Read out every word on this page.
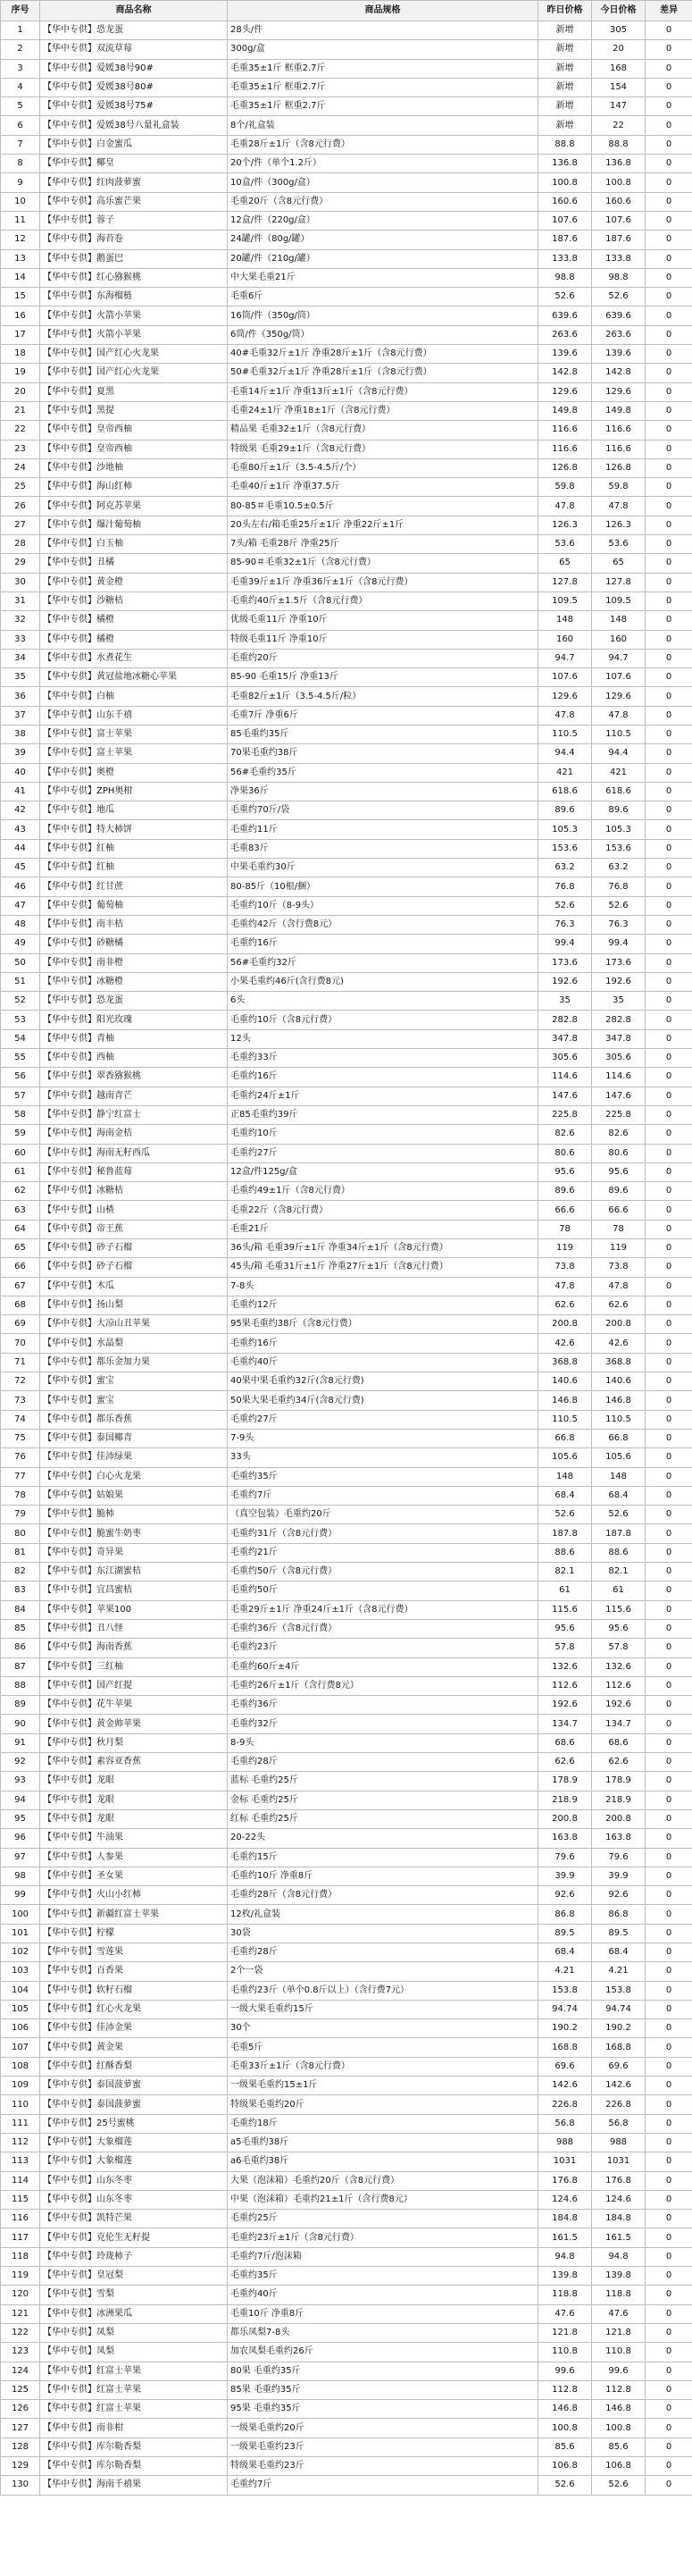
序号	商品名称	商品规格	昨日价格	今日价格	差异
1	【华中专供】恐龙蛋	28头/件	新增	305	0
2	【华中专供】双流草莓	300g/盒	新增	20	0
3	【华中专供】爱媛38号90#	毛重35±1斤 框重2.7斤	新增	168	0
4	【华中专供】爱媛38号80#	毛重35±1斤 框重2.7斤	新增	154	0
5	【华中专供】爱媛38号75#	毛重35±1斤 框重2.7斤	新增	147	0
6	【华中专供】爱媛38号八量礼盒装	8个/礼盒装	新增	22	0
7	【华中专供】白金蜜瓜	毛重28斤±1斤（含8元行费）	88.8	88.8	0
8	【华中专供】椰皇	20个/件（单个1.2斤）	136.8	136.8	0
9	【华中专供】红肉菠萝蜜	10盒/件（300g/盒）	100.8	100.8	0
10	【华中专供】高乐蜜芒果	毛重20斤（含8元行费）	160.6	160.6	0
11	【华中专供】蓉子	12盒/件（220g/盒）	107.6	107.6	0
12	【华中专供】海苔卷	24罐/件（80g/罐）	187.6	187.6	0
13	【华中专供】鹅蛋巴	20罐/件（210g/罐）	133.8	133.8	0
14	【华中专供】红心猕猴桃	中大果毛重21斤	98.8	98.8	0
15	【华中专供】东海榴梿	毛重6斤	52.6	52.6	0
16	【华中专供】火箭小苹果	16筒/件（350g/筒）	639.6	639.6	0
17	【华中专供】火箭小苹果	6筒/件（350g/筒）	263.6	263.6	0
18	【华中专供】国产红心火龙果	40#毛重32斤±1斤 净重28斤±1斤（含8元行费）	139.6	139.6	0
19	【华中专供】国产红心火龙果	50#毛重32斤±1斤 净重28斤±1斤（含8元行费）	142.8	142.8	0
20	【华中专供】夏黑	毛重14斤±1斤 净重13斤±1斤（含8元行费）	129.6	129.6	0
21	【华中专供】黑提	毛重24±1斤 净重18±1斤（含8元行费）	149.8	149.8	0
22	【华中专供】皇帝西柚	精品果 毛重32±1斤（含8元行费）	116.6	116.6	0
23	【华中专供】皇帝西柚	特级果 毛重29±1斤（含8元行费）	116.6	116.6	0
24	【华中专供】沙地柚	毛重80斤±1斤（3.5-4.5斤/个）	126.8	126.8	0
25	【华中专供】海山红柿	毛重40斤±1斤 净重37.5斤	59.8	59.8	0
26	【华中专供】阿克苏苹果	80-85＃毛重10.5±0.5斤	47.8	47.8	0
27	【华中专供】爆汁葡萄柚	20头左右/箱毛重25斤±1斤 净重22斤±1斤	126.3	126.3	0
28	【华中专供】白玉柚	7头/箱 毛重28斤 净重25斤	53.6	53.6	0
29	【华中专供】丑橘	85-90＃毛重32±1斤（含8元行费）	65	65	0
30	【华中专供】黄金橙	毛重39斤±1斤 净重36斤±1斤（含8元行费）	127.8	127.8	0
31	【华中专供】沙糖桔	毛重约40斤±1.5斤（含8元行费）	109.5	109.5	0
32	【华中专供】橘橙	优级毛重11斤 净重10斤	148	148	0
33	【华中专供】橘橙	特级毛重11斤 净重10斤	160	160	0
34	【华中专供】水煮花生	毛重约20斤	94.7	94.7	0
35	【华中专供】黄冠盐地冰糖心苹果	85-90 毛重15斤 净重13斤	107.6	107.6	0
36	【华中专供】白柚	毛重82斤±1斤（3.5-4.5斤/粒）	129.6	129.6	0
37	【华中专供】山东千禧	毛重7斤 净重6斤	47.8	47.8	0
38	【华中专供】富士苹果	85毛重约35斤	110.5	110.5	0
39	【华中专供】富士苹果	70果毛重约38斤	94.4	94.4	0
40	【华中专供】奥橙	56#毛重约35斤	421	421	0
41	【华中专供】ZPH奥柑	净果36斤	618.6	618.6	0
42	【华中专供】地瓜	毛重约70斤/袋	89.6	89.6	0
43	【华中专供】特大柿饼	毛重约11斤	105.3	105.3	0
44	【华中专供】红柚	毛重83斤	153.6	153.6	0
45	【华中专供】红柚	中果毛重约30斤	63.2	63.2	0
46	【华中专供】红甘蔗	80-85斤（10根/捆）	76.8	76.8	0
47	【华中专供】葡萄柚	毛重约10斤（8-9头）	52.6	52.6	0
48	【华中专供】南丰桔	毛重约42斤（含行费8元）	76.3	76.3	0
49	【华中专供】砂糖橘	毛重约16斤	99.4	99.4	0
50	【华中专供】南非橙	56#毛重约32斤	173.6	173.6	0
51	【华中专供】冰糖橙	小果毛重约46斤(含行费8元)	192.6	192.6	0
52	【华中专供】恐龙蛋	6头	35	35	0
53	【华中专供】阳光玫瑰	毛重约10斤（含8元行费）	282.8	282.8	0
54	【华中专供】青柚	12头	347.8	347.8	0
55	【华中专供】西柚	毛重约33斤	305.6	305.6	0
56	【华中专供】翠香猕猴桃	毛重约16斤	114.6	114.6	0
57	【华中专供】越南青芒	毛重约24斤±1斤	147.6	147.6	0
58	【华中专供】静宁红富士	正85毛重约39斤	225.8	225.8	0
59	【华中专供】海南金桔	毛重约10斤	82.6	82.6	0
60	【华中专供】海南无籽西瓜	毛重约27斤	80.6	80.6	0
61	【华中专供】秘鲁蓝莓	12盒/件125g/盒	95.6	95.6	0
62	【华中专供】冰糖桔	毛重约49±1斤（含8元行费）	89.6	89.6	0
63	【华中专供】山楂	毛重22斤（含8元行费）	66.6	66.6	0
64	【华中专供】帝王蕉	毛重21斤	78	78	0
65	【华中专供】砂子石榴	36头/箱 毛重39斤±1斤 净重34斤±1斤（含8元行费）	119	119	0
66	【华中专供】砂子石榴	45头/箱 毛重31斤±1斤 净重27斤±1斤（含8元行费）	73.8	73.8	0
67	【华中专供】木瓜	7-8头	47.8	47.8	0
68	【华中专供】扬山梨	毛重约12斤	62.6	62.6	0
69	【华中专供】大凉山丑苹果	95果毛重约38斤（含8元行费）	200.8	200.8	0
70	【华中专供】水晶梨	毛重约16斤	42.6	42.6	0
71	【华中专供】都乐金加力果	毛重约40斤	368.8	368.8	0
72	【华中专供】蜜宝	40果中果毛重约32斤(含8元行费)	140.6	140.6	0
73	【华中专供】蜜宝	50果大果毛重约34斤(含8元行费)	146.8	146.8	0
74	【华中专供】都乐香蕉	毛重约27斤	110.5	110.5	0
75	【华中专供】泰国椰青	7-9头	66.8	66.8	0
76	【华中专供】佳沛绿果	33头	105.6	105.6	0
77	【华中专供】白心火龙果	毛重约35斤	148	148	0
78	【华中专供】姑娘果	毛重约7斤	68.4	68.4	0
79	【华中专供】脆柿	（真空包装）毛重约20斤	52.6	52.6	0
80	【华中专供】脆蜜牛奶枣	毛重约31斤（含8元行费）	187.8	187.8	0
81	【华中专供】奇异果	毛重约21斤	88.6	88.6	0
82	【华中专供】东江湖蜜桔	毛重约50斤（含8元行费）	82.1	82.1	0
83	【华中专供】宜昌蜜桔	毛重约50斤	61	61	0
84	【华中专供】苹果100	毛重29斤±1斤 净重24斤±1斤（含8元行费）	115.6	115.6	0
85	【华中专供】丑八怪	毛重约36斤（含8元行费）	95.6	95.6	0
86	【华中专供】海南香蕉	毛重约23斤	57.8	57.8	0
87	【华中专供】三红柚	毛重约60斤±4斤	132.6	132.6	0
88	【华中专供】国产红提	毛重约26斤±1斤（含行费8元）	112.6	112.6	0
89	【华中专供】花牛苹果	毛重约36斤	192.6	192.6	0
90	【华中专供】黄金帅苹果	毛重约32斤	134.7	134.7	0
91	【华中专供】秋月梨	8-9头	68.6	68.6	0
92	【华中专供】素容亚香蕉	毛重约28斤	62.6	62.6	0
93	【华中专供】龙眼	蓝标 毛重约25斤	178.9	178.9	0
94	【华中专供】龙眼	金标 毛重约25斤	218.9	218.9	0
95	【华中专供】龙眼	红标 毛重约25斤	200.8	200.8	0
96	【华中专供】牛油果	20-22头	163.8	163.8	0
97	【华中专供】人参果	毛重约15斤	79.6	79.6	0
98	【华中专供】圣女果	毛重约10斤 净重8斤	39.9	39.9	0
99	【华中专供】火山小红柿	毛重约28斤（含8元行费）	92.6	92.6	0
100	【华中专供】新疆红富士苹果	12枚/礼盒装	86.8	86.8	0
101	【华中专供】柠檬	30袋	89.5	89.5	0
102	【华中专供】雪莲果	毛重约28斤	68.4	68.4	0
103	【华中专供】百香果	2个一袋	4.21	4.21	0
104	【华中专供】软籽石榴	毛重约23斤（单个0.8斤以上）（含行费7元）	153.8	153.8	0
105	【华中专供】红心火龙果	一级大果毛重约15斤	94.74	94.74	0
106	【华中专供】佳沛金果	30个	190.2	190.2	0
107	【华中专供】黄金果	毛重5斤	168.8	168.8	0
108	【华中专供】红酥香梨	毛重33斤±1斤（含8元行费）	69.6	69.6	0
109	【华中专供】泰国菠萝蜜	一级果毛重约15±1斤	142.6	142.6	0
110	【华中专供】泰国菠萝蜜	特级果毛重约20斤	226.8	226.8	0
111	【华中专供】25号蜜桃	毛重约18斤	56.8	56.8	0
112	【华中专供】大象榴莲	a5毛重约38斤	988	988	0
113	【华中专供】大象榴莲	a6毛重约38斤	1031	1031	0
114	【华中专供】山东冬枣	大果（泡沫箱）毛重约20斤（含8元行费）	176.8	176.8	0
115	【华中专供】山东冬枣	中果（泡沫箱）毛重约21±1斤（含行费8元）	124.6	124.6	0
116	【华中专供】凯特芒果	毛重约25斤	184.8	184.8	0
117	【华中专供】克伦生无籽提	毛重约23斤±1斤（含8元行费）	161.5	161.5	0
118	【华中专供】玲珑柿子	毛重约7斤/泡沫箱	94.8	94.8	0
119	【华中专供】皇冠梨	毛重约35斤	139.8	139.8	0
120	【华中专供】雪梨	毛重约40斤	118.8	118.8	0
121	【华中专供】冰洲果瓜	毛重10斤 净重8斤	47.6	47.6	0
122	【华中专供】凤梨	都乐凤梨7-8头	121.8	121.8	0
123	【华中专供】凤梨	加农凤梨毛重约26斤	110.8	110.8	0
124	【华中专供】红富士苹果	80果 毛重约35斤	99.6	99.6	0
125	【华中专供】红富士苹果	85果 毛重约35斤	112.8	112.8	0
126	【华中专供】红富士苹果	95果 毛重约35斤	146.8	146.8	0
127	【华中专供】南非柑	一级果毛重约20斤	100.8	100.8	0
128	【华中专供】库尔勒香梨	一级果毛重约23斤	85.6	85.6	0
129	【华中专供】库尔勒香梨	特级果毛重约23斤	106.8	106.8	0
130	【华中专供】海南千禧果	毛重约7斤	52.6	52.6	0
